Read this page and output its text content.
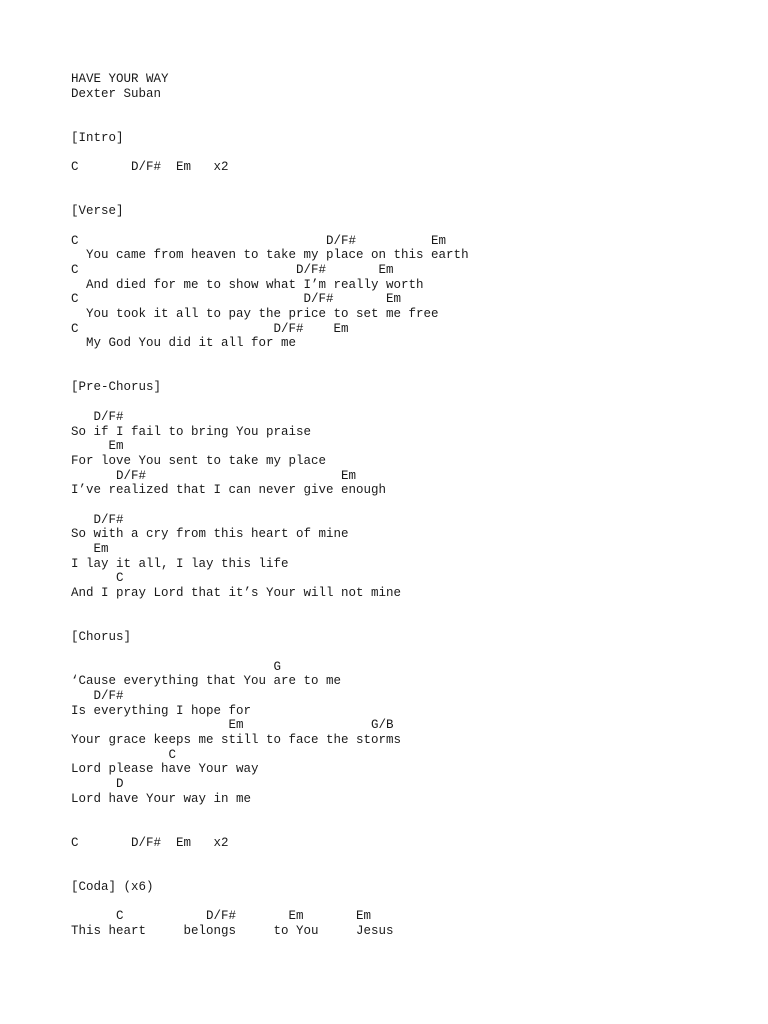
HAVE YOUR WAY
Dexter Suban
[Intro]
C       D/F#  Em   x2
[Verse]
C                                 D/F#          Em
You came from heaven to take my place on this earth
C                             D/F#       Em
And died for me to show what I’m really worth
C                              D/F#       Em
You took it all to pay the price to set me free
C                          D/F#    Em
My God You did it all for me
[Pre-Chorus]
D/F#
So if I fail to bring You praise
Em
For love You sent to take my place
D/F#                          Em
I’ve realized that I can never give enough
D/F#
So with a cry from this heart of mine
Em
I lay it all, I lay this life
C
And I pray Lord that it’s Your will not mine
[Chorus]
G
‘Cause everything that You are to me
D/F#
Is everything I hope for
Em                 G/B
Your grace keeps me still to face the storms
C
Lord please have Your way
D
Lord have Your way in me
C       D/F#  Em   x2
[Coda] (x6)
C           D/F#       Em       Em
This heart     belongs     to You     Jesus
